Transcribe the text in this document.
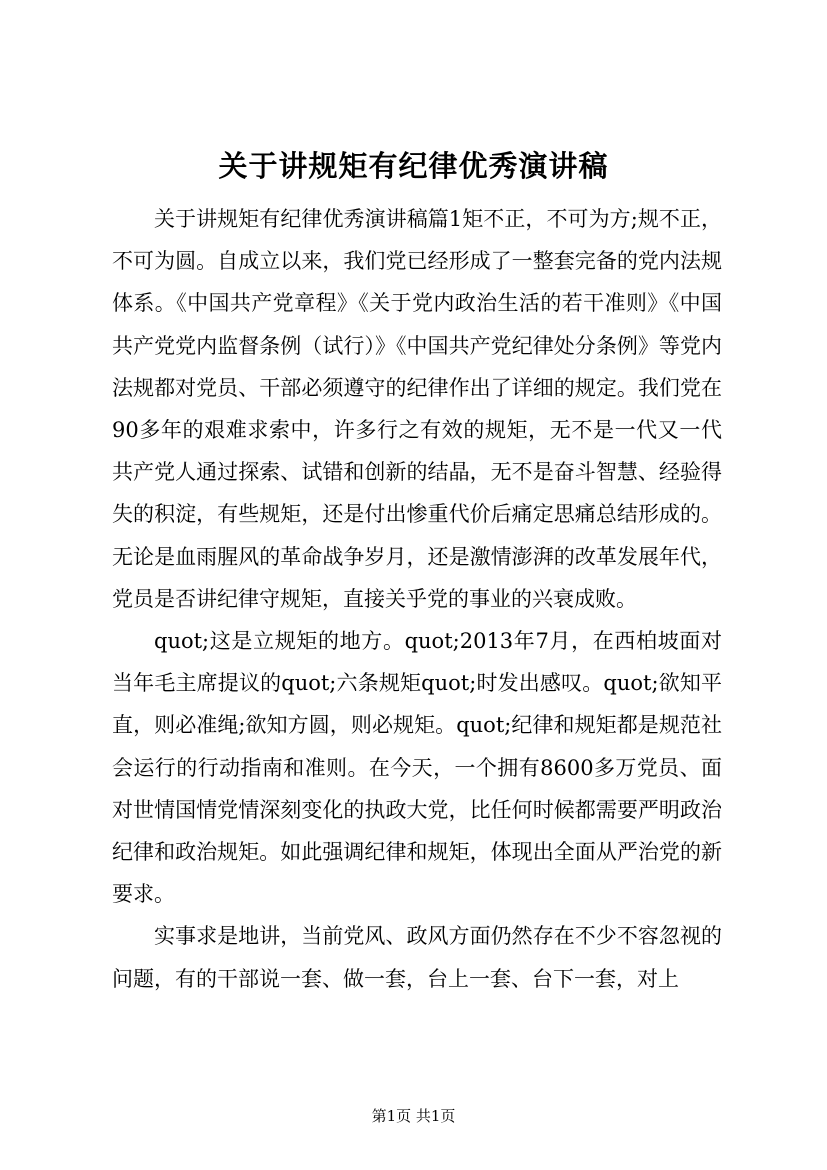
关于讲规矩有纪律优秀演讲稿

关于讲规矩有纪律优秀演讲稿篇1矩不正，不可为方;规不正，不可为圆。自成立以来，我们党已经形成了一整套完备的党内法规体系。《中国共产党章程》《关于党内政治生活的若干准则》《中国共产党党内监督条例（试行）》《中国共产党纪律处分条例》等党内法规都对党员、干部必须遵守的纪律作出了详细的规定。我们党在90多年的艰难求索中，许多行之有效的规矩，无不是一代又一代共产党人通过探索、试错和创新的结晶，无不是奋斗智慧、经验得失的积淀，有些规矩，还是付出惨重代价后痛定思痛总结形成的。无论是血雨腥风的革命战争岁月，还是激情澎湃的改革发展年代，党员是否讲纪律守规矩，直接关乎党的事业的兴衰成败。

quot;这是立规矩的地方。quot;2013年7月，在西柏坡面对当年毛主席提议的quot;六条规矩quot;时发出感叹。quot;欲知平直，则必准绳;欲知方圆，则必规矩。quot;纪律和规矩都是规范社会运行的行动指南和准则。在今天，一个拥有8600多万党员、面对世情国情党情深刻变化的执政大党，比任何时候都需要严明政治纪律和政治规矩。如此强调纪律和规矩，体现出全面从严治党的新要求。

实事求是地讲，当前党风、政风方面仍然存在不少不容忽视的问题，有的干部说一套、做一套，台上一套、台下一套，对上

第1页 共1页
